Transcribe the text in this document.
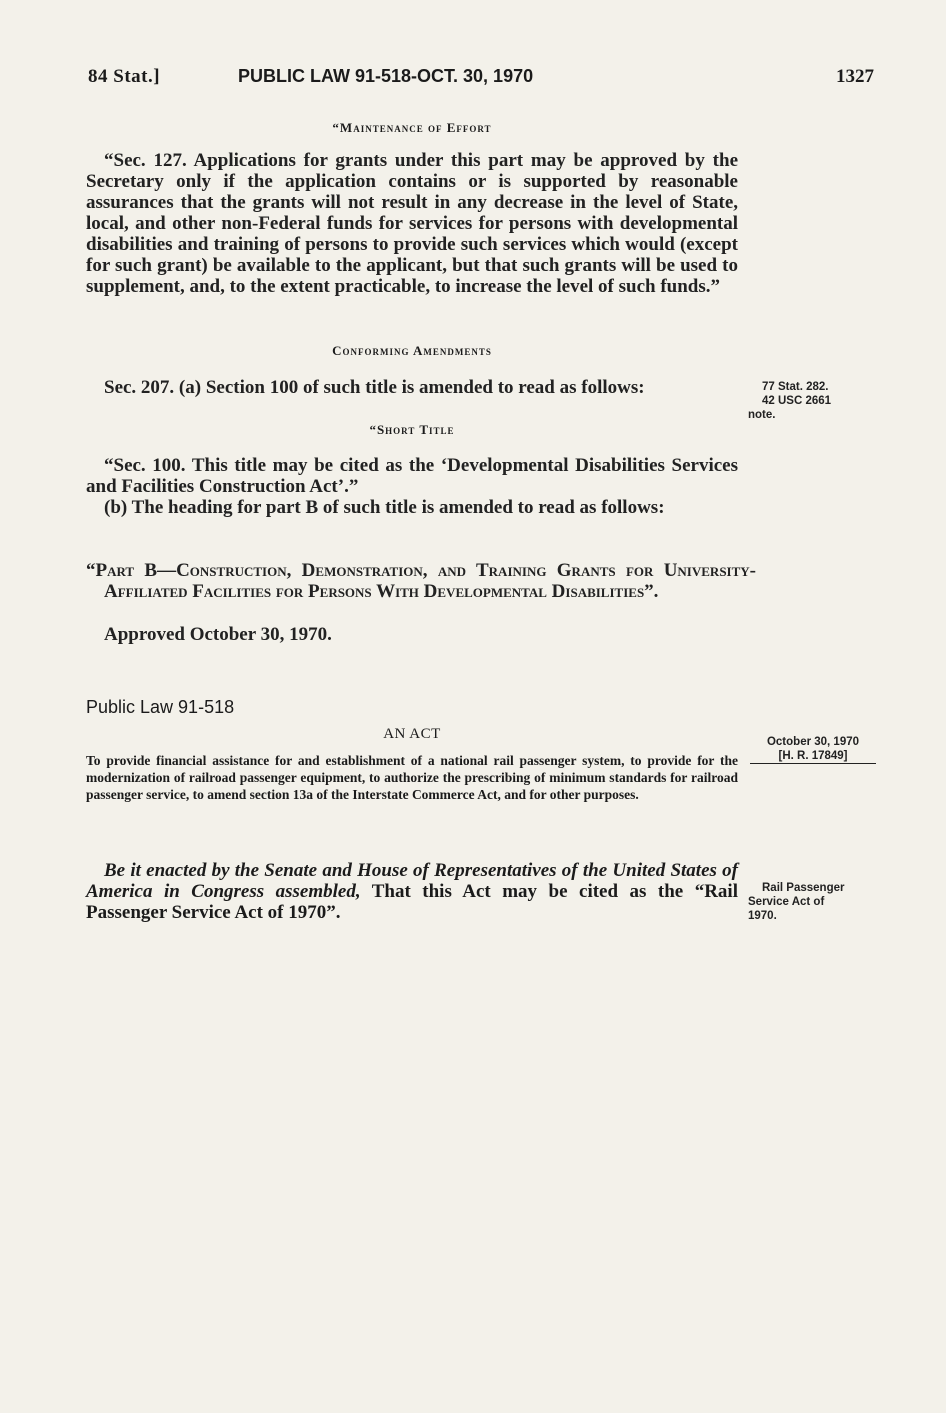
84 Stat.]	PUBLIC LAW 91-518-OCT. 30, 1970	1327
“Maintenance of Effort
“Sec. 127. Applications for grants under this part may be approved by the Secretary only if the application contains or is supported by reasonable assurances that the grants will not result in any decrease in the level of State, local, and other non-Federal funds for services for persons with developmental disabilities and training of persons to provide such services which would (except for such grant) be available to the applicant, but that such grants will be used to supplement, and, to the extent practicable, to increase the level of such funds.”
Conforming Amendments
Sec. 207. (a) Section 100 of such title is amended to read as follows:	77 Stat. 282.
42 USC 2661
note.
“Short Title
“Sec. 100. This title may be cited as the ‘Developmental Disabilities Services and Facilities Construction Act’.”
(b) The heading for part B of such title is amended to read as follows:
“Part B—Construction, Demonstration, and Training Grants for University-Affiliated Facilities for Persons With Developmental Disabilities”.
Approved October 30, 1970.
Public Law 91-518
AN ACT
To provide financial assistance for and establishment of a national rail passenger system, to provide for the modernization of railroad passenger equipment, to authorize the prescribing of minimum standards for railroad passenger service, to amend section 13a of the Interstate Commerce Act, and for other purposes.
October 30, 1970
[H. R. 17849]
Be it enacted by the Senate and House of Representatives of the United States of America in Congress assembled, That this Act may be cited as the “Rail Passenger Service Act of 1970”.
Rail Passenger
Service Act of
1970.
